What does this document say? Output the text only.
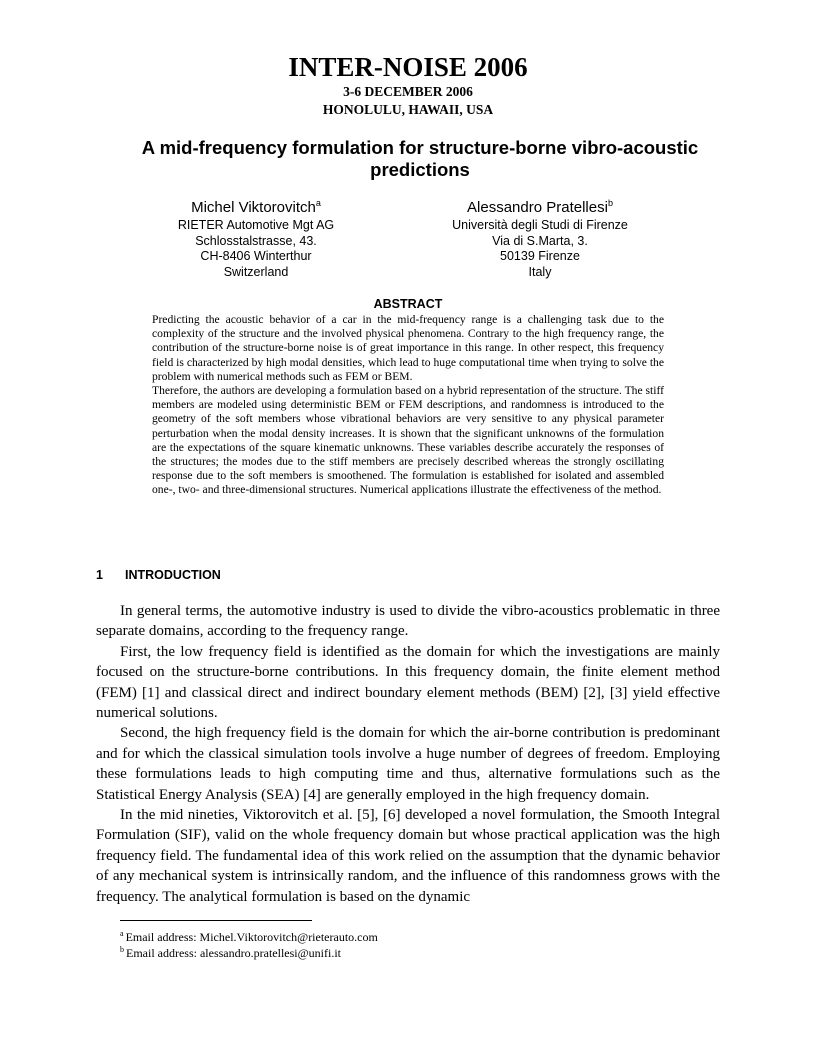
INTER-NOISE 2006
3-6 DECEMBER 2006
HONOLULU, HAWAII, USA
A mid-frequency formulation for structure-borne vibro-acoustic predictions
Michel Viktorovitch$^a$
RIETER Automotive Mgt AG
Schlosstalstrasse, 43.
CH-8406 Winterthur
Switzerland
Alessandro Pratellesi$^b$
Università degli Studi di Firenze
Via di S.Marta, 3.
50139 Firenze
Italy
ABSTRACT

Predicting the acoustic behavior of a car in the mid-frequency range is a challenging task due to the complexity of the structure and the involved physical phenomena. Contrary to the high frequency range, the contribution of the structure-borne noise is of great importance in this range. In other respect, this frequency field is characterized by high modal densities, which lead to huge computational time when trying to solve the problem with numerical methods such as FEM or BEM.

Therefore, the authors are developing a formulation based on a hybrid representation of the structure. The stiff members are modeled using deterministic BEM or FEM descriptions, and randomness is introduced to the geometry of the soft members whose vibrational behaviors are very sensitive to any physical parameter perturbation when the modal density increases. It is shown that the significant unknowns of the formulation are the expectations of the square kinematic unknowns. These variables describe accurately the responses of the structures; the modes due to the stiff members are precisely described whereas the strongly oscillating response due to the soft members is smoothened. The formulation is established for isolated and assembled one-, two- and three-dimensional structures. Numerical applications illustrate the effectiveness of the method.

1 INTRODUCTION

In general terms, the automotive industry is used to divide the vibro-acoustics problematic in three separate domains, according to the frequency range.

First, the low frequency field is identified as the domain for which the investigations are mainly focused on the structure-borne contributions. In this frequency domain, the finite element method (FEM) [1] and classical direct and indirect boundary element methods (BEM) [2], [3] yield effective numerical solutions.

Second, the high frequency field is the domain for which the air-borne contribution is predominant and for which the classical simulation tools involve a huge number of degrees of freedom. Employing these formulations leads to high computing time and thus, alternative formulations such as the Statistical Energy Analysis (SEA) [4] are generally employed in the high frequency domain.

In the mid nineties, Viktorovitch et al. [5], [6] developed a novel formulation, the Smooth Integral Formulation (SIF), valid on the whole frequency domain but whose practical application was the high frequency field. The fundamental idea of this work relied on the assumption that the dynamic behavior of any mechanical system is intrinsically random, and the influence of this randomness grows with the frequency. The analytical formulation is based on the dynamic

$^a$ Email address: Michel.Viktorovitch@rieterauto.com
$^b$ Email address: alessandro.pratellesi@unifi.it
